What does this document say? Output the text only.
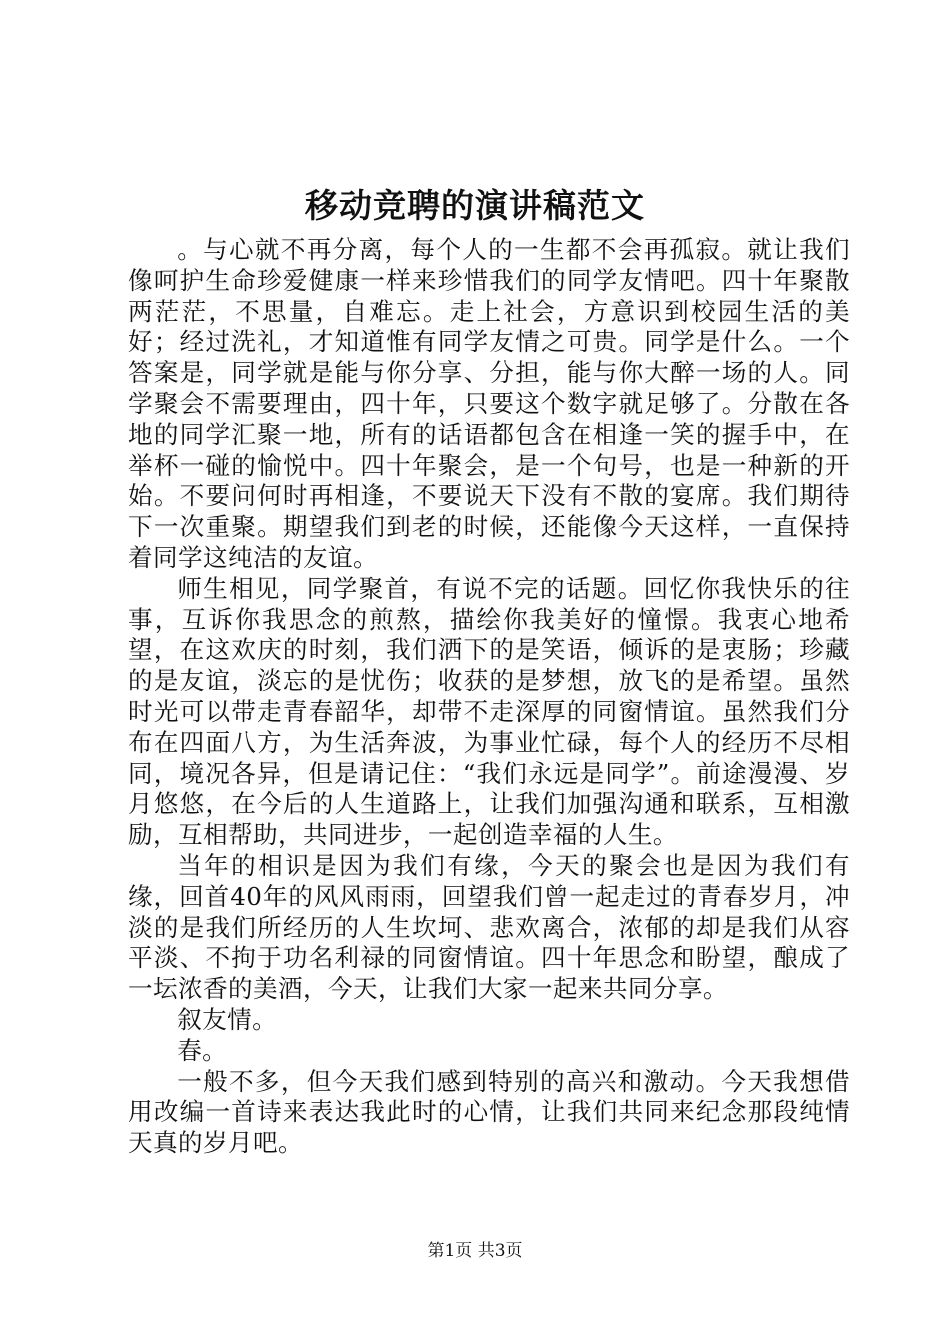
移动竞聘的演讲稿范文

。与心就不再分离，每个人的一生都不会再孤寂。就让我们像呵护生命珍爱健康一样来珍惜我们的同学友情吧。四十年聚散两茫茫，不思量，自难忘。走上社会，方意识到校园生活的美好；经过洗礼，才知道惟有同学友情之可贵。同学是什么。一个答案是，同学就是能与你分享、分担，能与你大醉一场的人。同学聚会不需要理由，四十年，只要这个数字就足够了。分散在各地的同学汇聚一地，所有的话语都包含在相逢一笑的握手中，在举杯一碰的愉悦中。四十年聚会，是一个句号，也是一种新的开始。不要问何时再相逢，不要说天下没有不散的宴席。我们期待下一次重聚。期望我们到老的时候，还能像今天这样，一直保持着同学这纯洁的友谊。

师生相见，同学聚首，有说不完的话题。回忆你我快乐的往事，互诉你我思念的煎熬，描绘你我美好的憧憬。我衷心地希望，在这欢庆的时刻，我们洒下的是笑语，倾诉的是衷肠；珍藏的是友谊，淡忘的是忧伤；收获的是梦想，放飞的是希望。虽然时光可以带走青春韶华，却带不走深厚的同窗情谊。虽然我们分布在四面八方，为生活奔波，为事业忙碌，每个人的经历不尽相同，境况各异，但是请记住：“我们永远是同学”。前途漫漫、岁月悠悠，在今后的人生道路上，让我们加强沟通和联系，互相激励，互相帮助，共同进步，一起创造幸福的人生。

当年的相识是因为我们有缘，今天的聚会也是因为我们有缘，回首40年的风风雨雨，回望我们曾一起走过的青春岁月，冲淡的是我们所经历的人生坎坷、悲欢离合，浓郁的却是我们从容平淡、不拘于功名利禄的同窗情谊。四十年思念和盼望，酿成了一坛浓香的美酒，今天，让我们大家一起来共同分享。

叙友情。

春。

一般不多，但今天我们感到特别的高兴和激动。今天我想借用改编一首诗来表达我此时的心情，让我们共同来纪念那段纯情天真的岁月吧。

第1页 共3页
